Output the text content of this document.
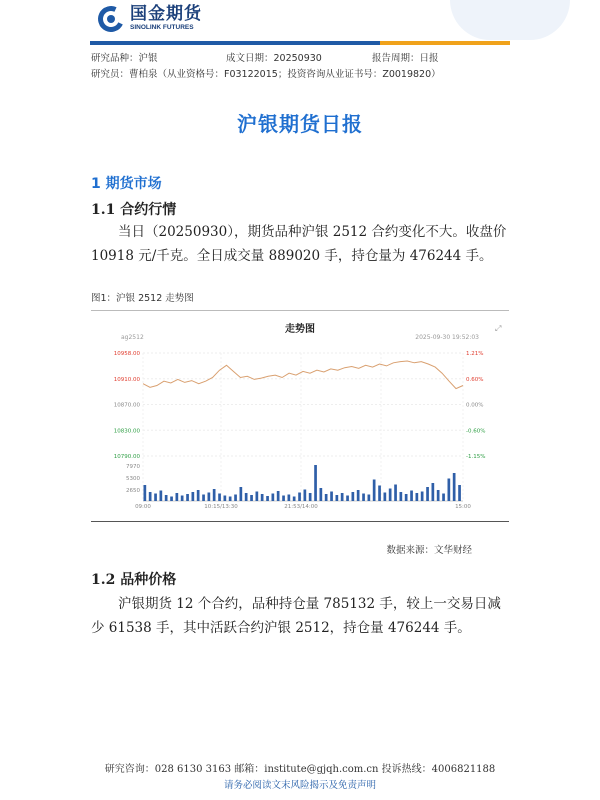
国金期货
SINOLINK FUTURES
研究品种：沪银	成文日期：20250930	报告周期：日报
研究员：曹柏泉（从业资格号：F03122015；投资咨询从业证书号：Z0019820）
沪银期货日报
1 期货市场
1.1 合约行情
当日（20250930），期货品种沪银 2512 合约变化不大。收盘价 10918 元/千克。全日成交量 889020 手，持仓量为 476244 手。
图1：沪银 2512 走势图
走势图
ag2512	2025-09-30 19:52:03
⤢
10958.00	1.21%
10910.00	0.60%
10870.00	0.00%
10830.00	-0.60%
10790.00	-1.15%
7970
5300
2650
09:00	10:15/13:30	21:53/14:00	15:00
数据来源：文华财经
1.2 品种价格
沪银期货 12 个合约，品种持仓量 785132 手，较上一交易日减少 61538 手，其中活跃合约沪银 2512，持仓量 476244 手。
研究咨询：028 6130 3163 邮箱：institute@gjqh.com.cn 投诉热线：4006821188
请务必阅读文末风险揭示及免责声明
